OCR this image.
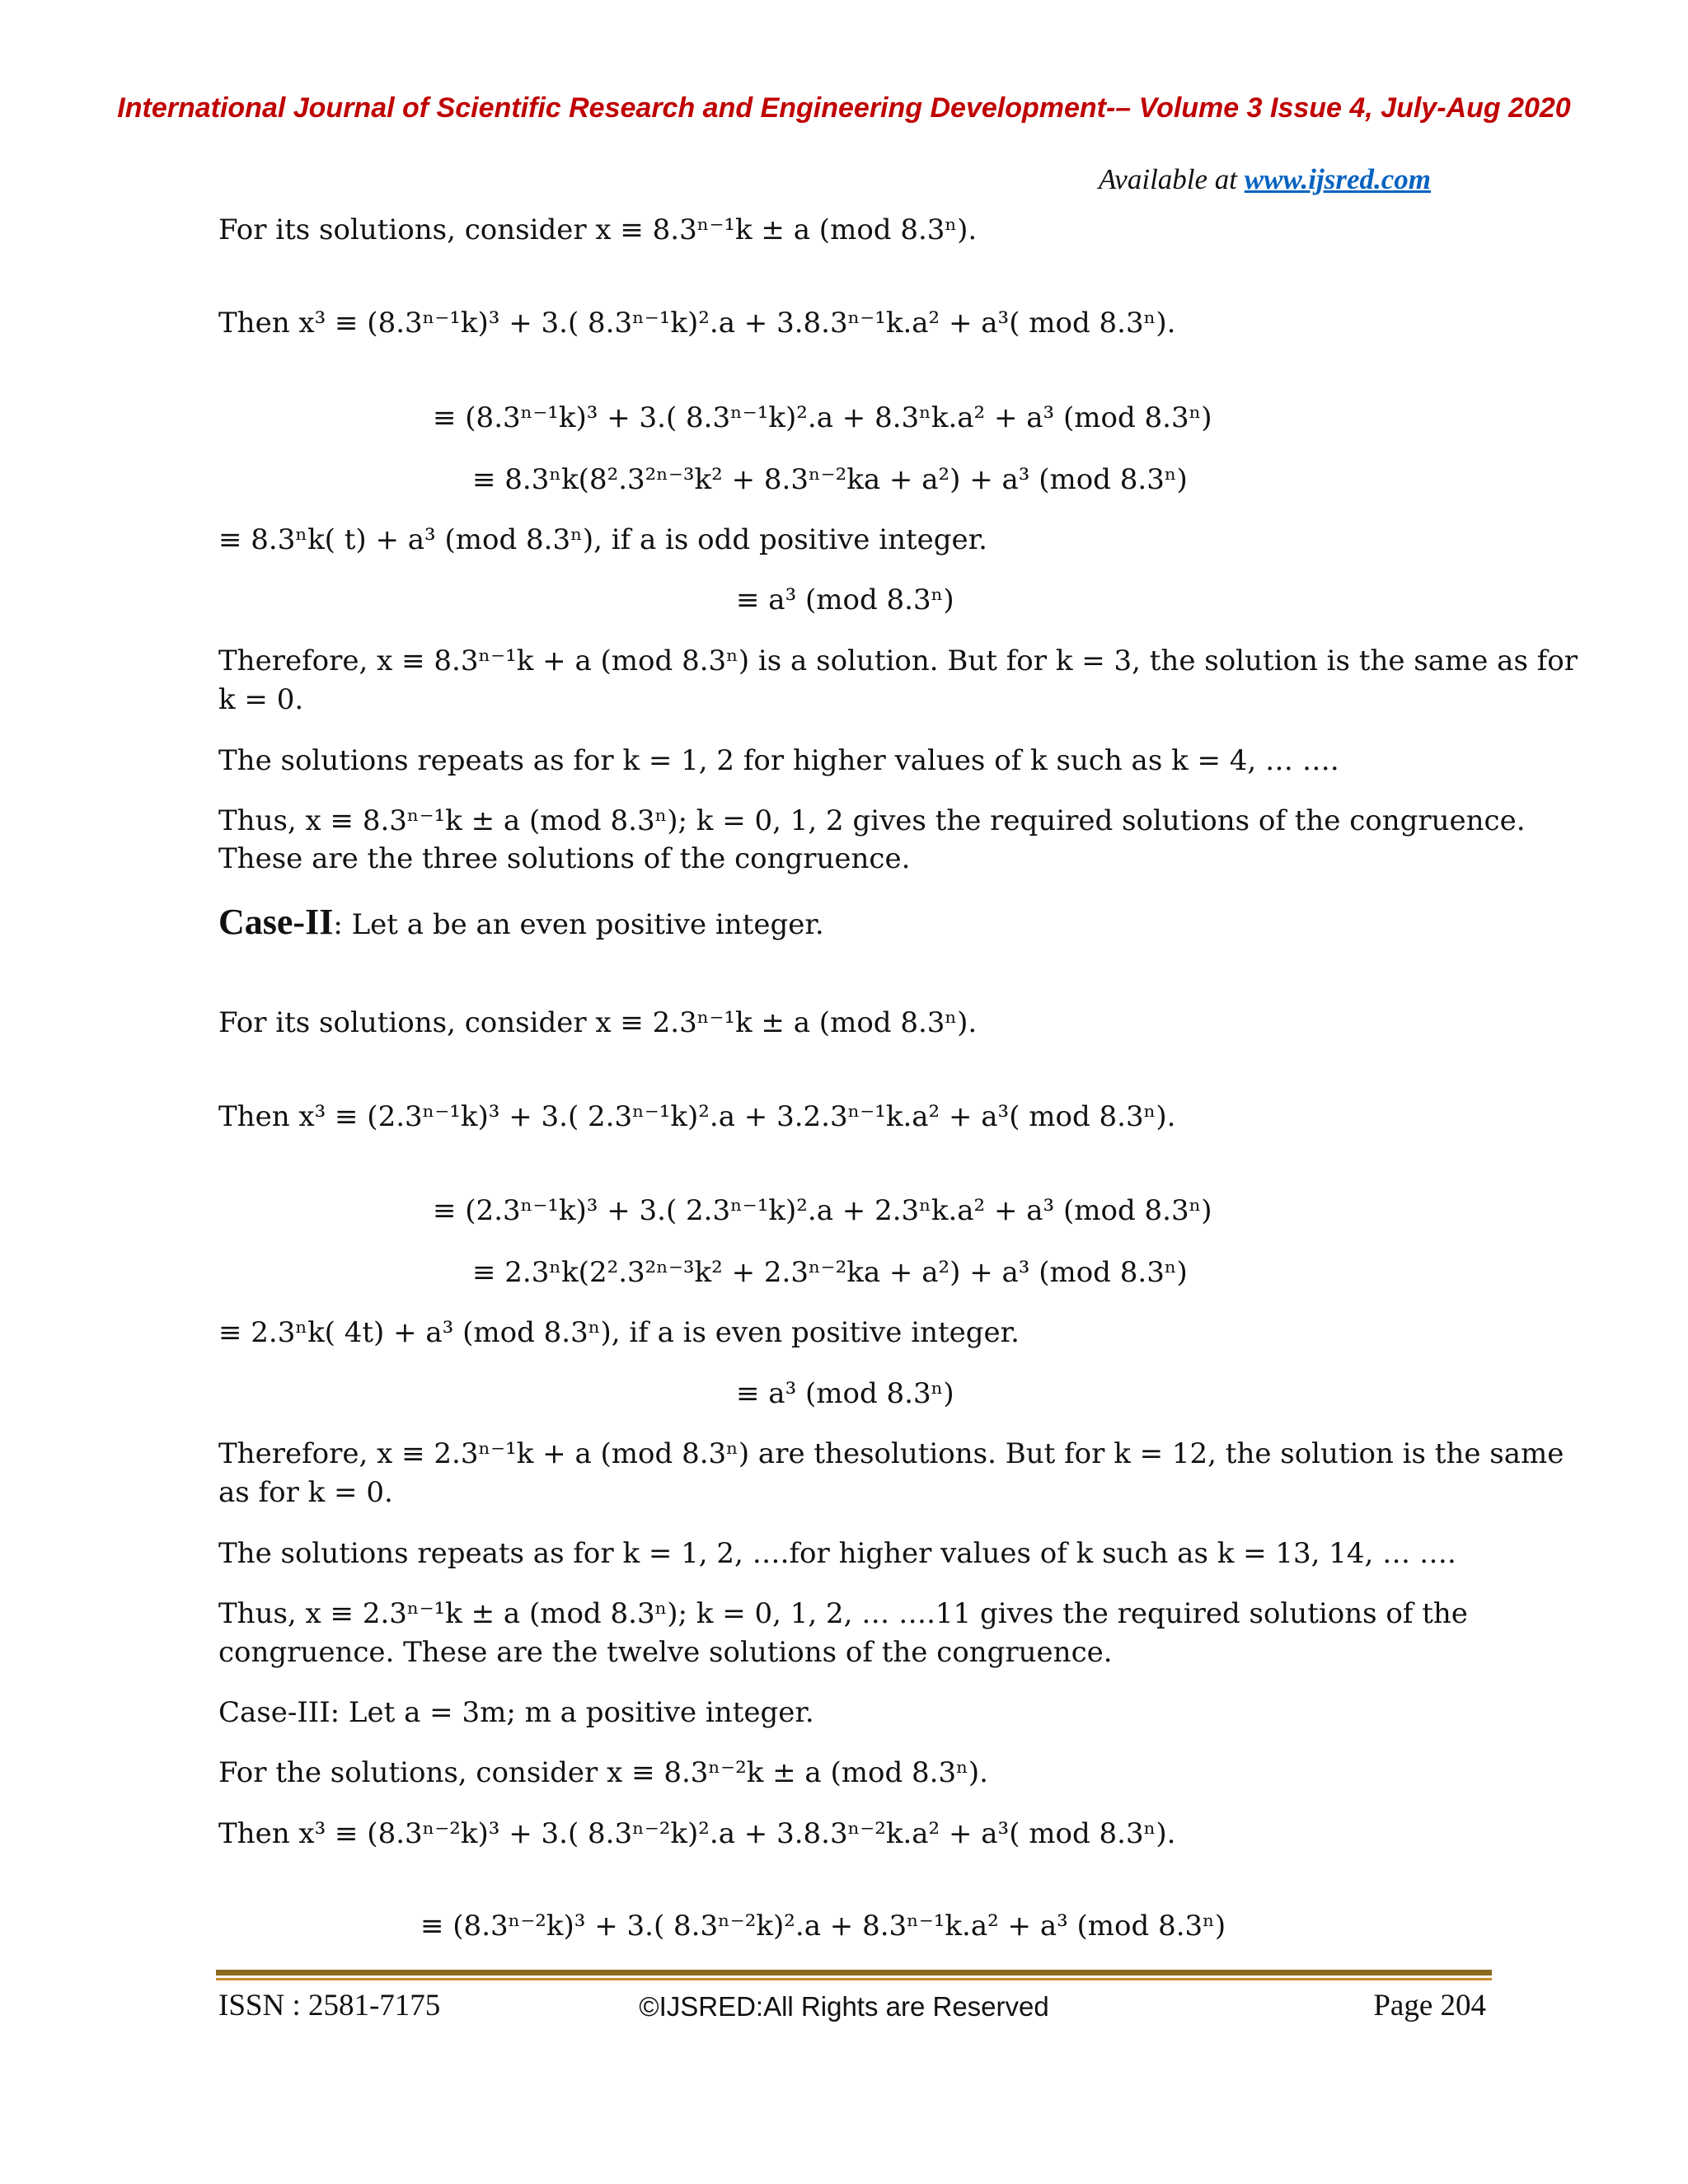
International Journal of Scientific Research and Engineering Development-– Volume 3 Issue 4, July-Aug 2020
Available at www.ijsred.com
For its solutions, consider x ≡ 8.3ⁿ⁻¹k ± a (mod 8.3ⁿ).
Then x³ ≡ (8.3ⁿ⁻¹k)³ + 3.( 8.3ⁿ⁻¹k)².a + 3.8.3ⁿ⁻¹k.a² + a³( mod 8.3ⁿ).
≡ (8.3ⁿ⁻¹k)³ + 3.( 8.3ⁿ⁻¹k)².a + 8.3ⁿk.a² + a³ (mod 8.3ⁿ)
≡ 8.3ⁿk(8².3²ⁿ⁻³k² + 8.3ⁿ⁻²ka + a²) + a³ (mod 8.3ⁿ)
≡ 8.3ⁿk( t) + a³ (mod 8.3ⁿ), if a is odd positive integer.
≡ a³ (mod 8.3ⁿ)
Therefore, x ≡ 8.3ⁿ⁻¹k + a (mod 8.3ⁿ) is a solution. But for k = 3, the solution is the same as for
k = 0.
The solutions repeats as for k = 1, 2 for higher values of k such as k = 4, … ….
Thus, x ≡ 8.3ⁿ⁻¹k ± a (mod 8.3ⁿ); k = 0, 1, 2 gives the required solutions of the congruence.
These are the three solutions of the congruence.
Case-II: Let a be an even positive integer.
For its solutions, consider x ≡ 2.3ⁿ⁻¹k ± a (mod 8.3ⁿ).
Then x³ ≡ (2.3ⁿ⁻¹k)³ + 3.( 2.3ⁿ⁻¹k)².a + 3.2.3ⁿ⁻¹k.a² + a³( mod 8.3ⁿ).
≡ (2.3ⁿ⁻¹k)³ + 3.( 2.3ⁿ⁻¹k)².a + 2.3ⁿk.a² + a³ (mod 8.3ⁿ)
≡ 2.3ⁿk(2².3²ⁿ⁻³k² + 2.3ⁿ⁻²ka + a²) + a³ (mod 8.3ⁿ)
≡ 2.3ⁿk( 4t) + a³ (mod 8.3ⁿ), if a is even positive integer.
≡ a³ (mod 8.3ⁿ)
Therefore, x ≡ 2.3ⁿ⁻¹k + a (mod 8.3ⁿ) are thesolutions. But for k = 12, the solution is the same
as for k = 0.
The solutions repeats as for k = 1, 2, ….for higher values of k such as k = 13, 14, … ….
Thus, x ≡ 2.3ⁿ⁻¹k ± a (mod 8.3ⁿ); k = 0, 1, 2, … ….11 gives the required solutions of the
congruence. These are the twelve solutions of the congruence.
Case-III: Let a = 3m; m a positive integer.
For the solutions, consider x ≡ 8.3ⁿ⁻²k ± a (mod 8.3ⁿ).
Then x³ ≡ (8.3ⁿ⁻²k)³ + 3.( 8.3ⁿ⁻²k)².a + 3.8.3ⁿ⁻²k.a² + a³( mod 8.3ⁿ).
≡ (8.3ⁿ⁻²k)³ + 3.( 8.3ⁿ⁻²k)².a + 8.3ⁿ⁻¹k.a² + a³ (mod 8.3ⁿ)
ISSN : 2581-7175	©IJSRED:All Rights are Reserved	Page 204
